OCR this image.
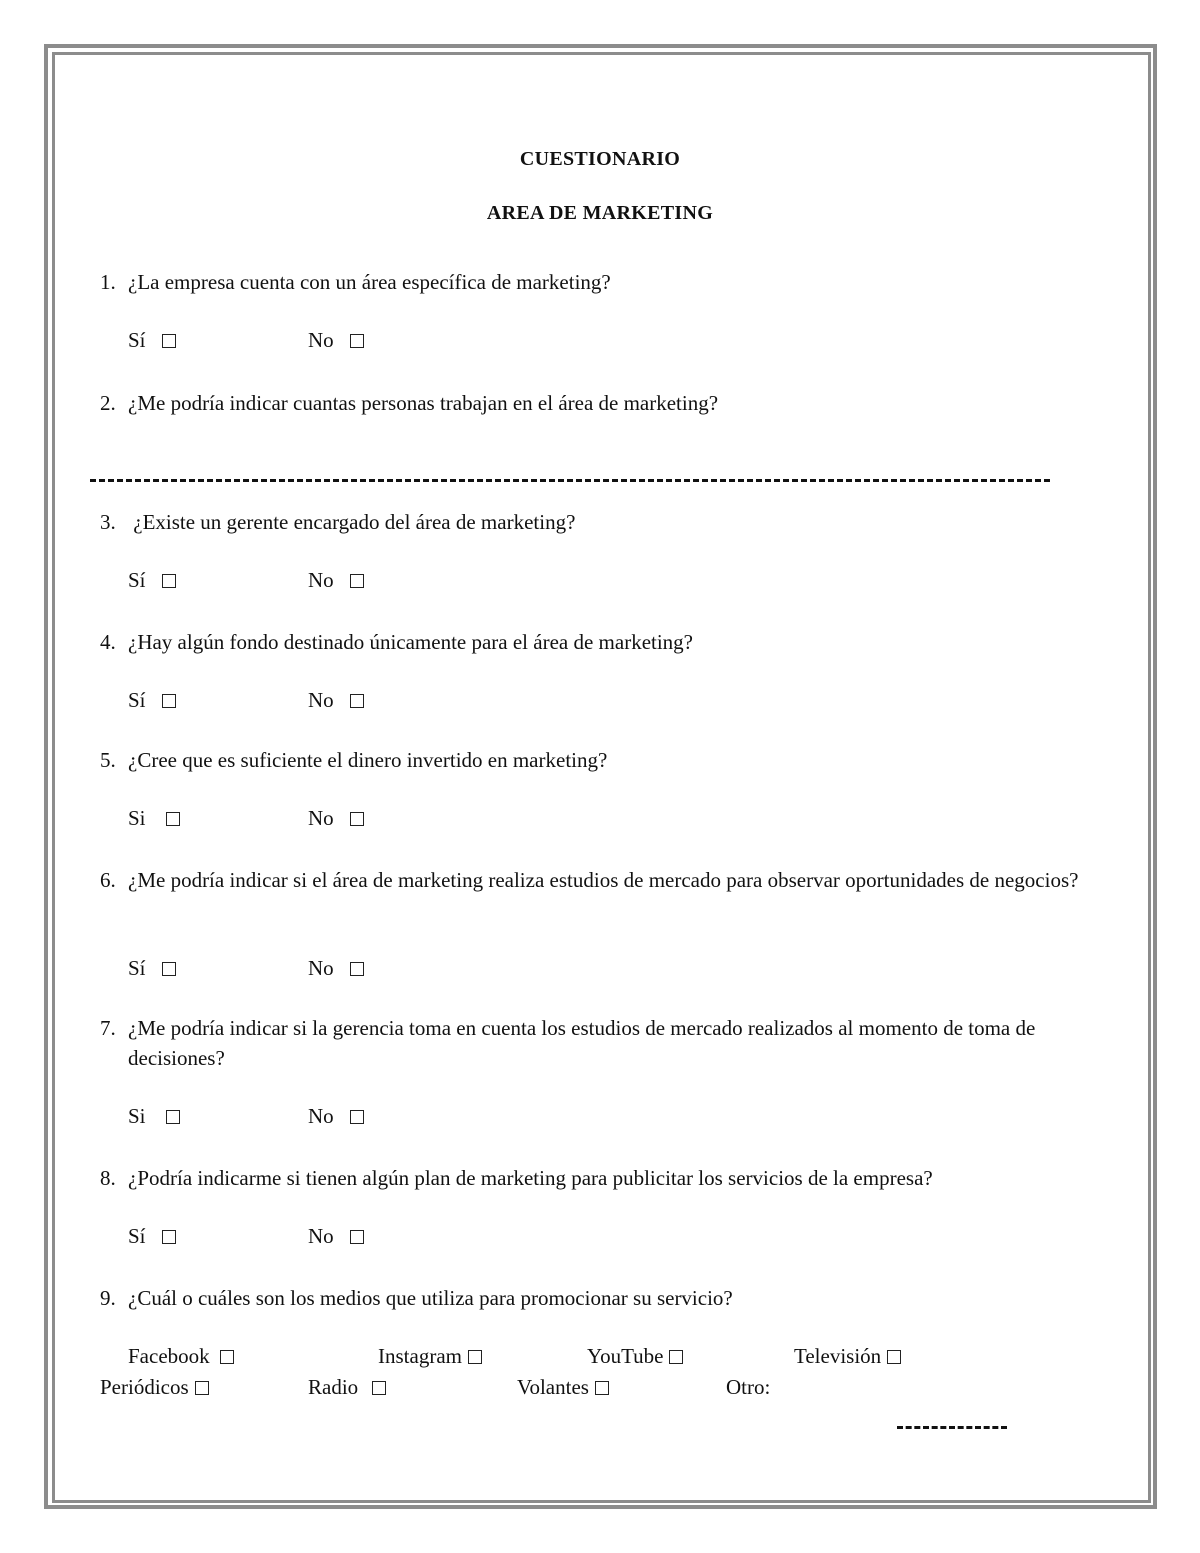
CUESTIONARIO
AREA DE MARKETING
1. ¿La empresa cuenta con un área específica de marketing?
Sí	No
2. ¿Me podría indicar cuantas personas trabajan en el área de marketing?
3. ¿Existe un gerente encargado del área de marketing?
Sí	No
4. ¿Hay algún fondo destinado únicamente para el área de marketing?
Sí	No
5. ¿Cree que es suficiente el dinero invertido en marketing?
Si	No
6. ¿Me podría indicar si el área de marketing realiza estudios de mercado para observar oportunidades de negocios?
Sí	No
7. ¿Me podría indicar si la gerencia toma en cuenta los estudios de mercado realizados al momento de toma de decisiones?
Si	No
8. ¿Podría indicarme si tienen algún plan de marketing para publicitar los servicios de la empresa?
Sí	No
9. ¿Cuál o cuáles son los medios que utiliza para promocionar su servicio?
Facebook	Instagram	YouTube	Televisión
Periódicos	Radio	Volantes	Otro:
